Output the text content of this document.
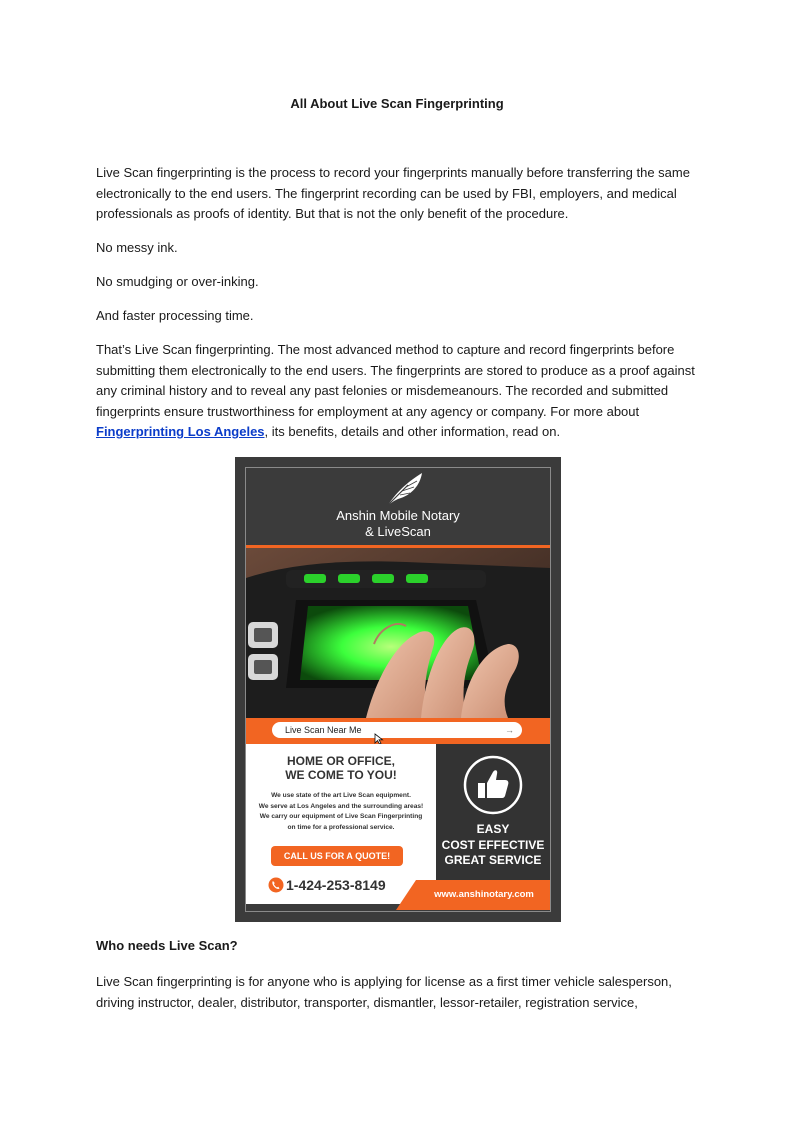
All About Live Scan Fingerprinting

Live Scan fingerprinting is the process to record your fingerprints manually before transferring the same electronically to the end users. The fingerprint recording can be used by FBI, employers, and medical professionals as proofs of identity. But that is not the only benefit of the procedure.

No messy ink.

No smudging or over-inking.

And faster processing time.

That’s Live Scan fingerprinting. The most advanced method to capture and record fingerprints before submitting them electronically to the end users. The fingerprints are stored to produce as a proof against any criminal history and to reveal any past felonies or misdemeanours. The recorded and submitted fingerprints ensure trustworthiness for employment at any agency or company. For more about Fingerprinting Los Angeles, its benefits, details and other information, read on.

Anshin Mobile Notary
& LiveScan
Live Scan Near Me	→
HOME OR OFFICE,
WE COME TO YOU!
We use state of the art Live Scan equipment.
We serve at Los Angeles and the surrounding areas!
We carry our equipment of Live Scan Fingerprinting
on time for a professional service.
CALL US FOR A QUOTE!
1-424-253-8149
EASY
COST EFFECTIVE
GREAT SERVICE
www.anshinotary.com
Who needs Live Scan?

Live Scan fingerprinting is for anyone who is applying for license as a first timer vehicle salesperson, driving instructor, dealer, distributor, transporter, dismantler, lessor-retailer, registration service,
